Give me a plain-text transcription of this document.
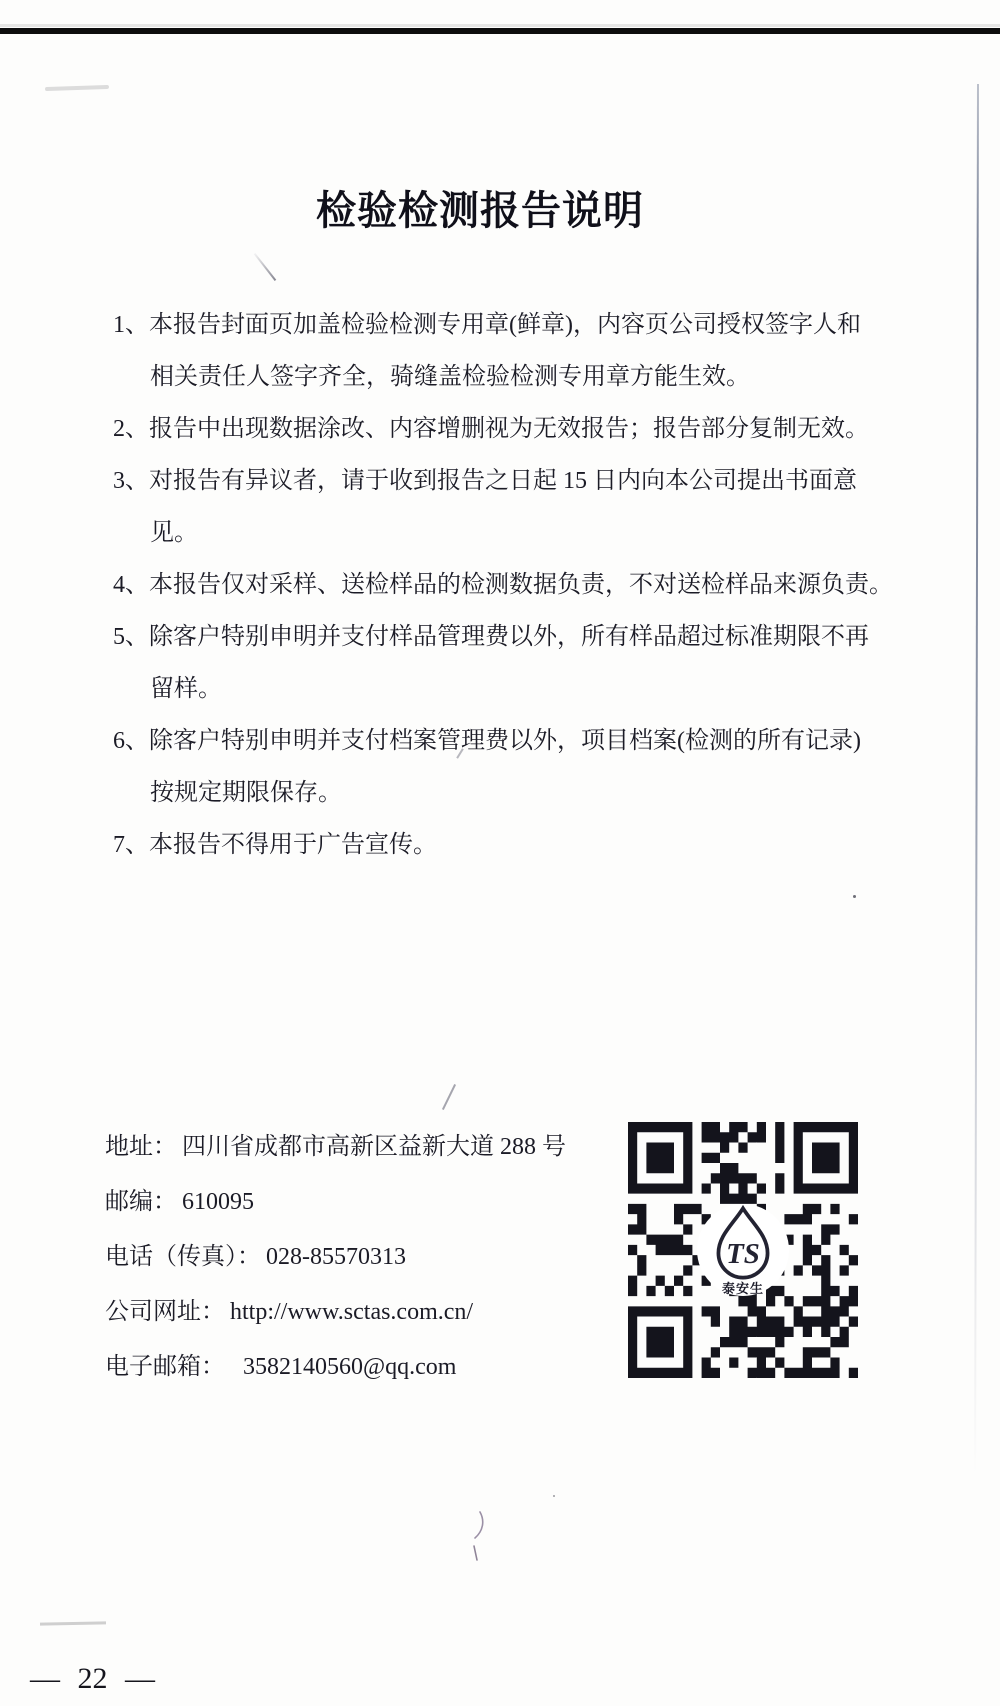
检验检测报告说明
1、本报告封面页加盖检验检测专用章(鲜章)，内容页公司授权签字人和
相关责任人签字齐全，骑缝盖检验检测专用章方能生效。
2、报告中出现数据涂改、内容增删视为无效报告；报告部分复制无效。
3、对报告有异议者，请于收到报告之日起 15 日内向本公司提出书面意
见。
4、本报告仅对采样、送检样品的检测数据负责，不对送检样品来源负责。
5、除客户特别申明并支付样品管理费以外，所有样品超过标准期限不再
留样。
6、除客户特别申明并支付档案管理费以外，项目档案(检测的所有记录)
按规定期限保存。
7、本报告不得用于广告宣传。
地址： 四川省成都市高新区益新大道 288 号
邮编： 610095
电话（传真）： 028-85570313
公司网址： http://www.sctas.com.cn/
电子邮箱： 3582140560@qq.com
TS
泰安生
— 22 —
